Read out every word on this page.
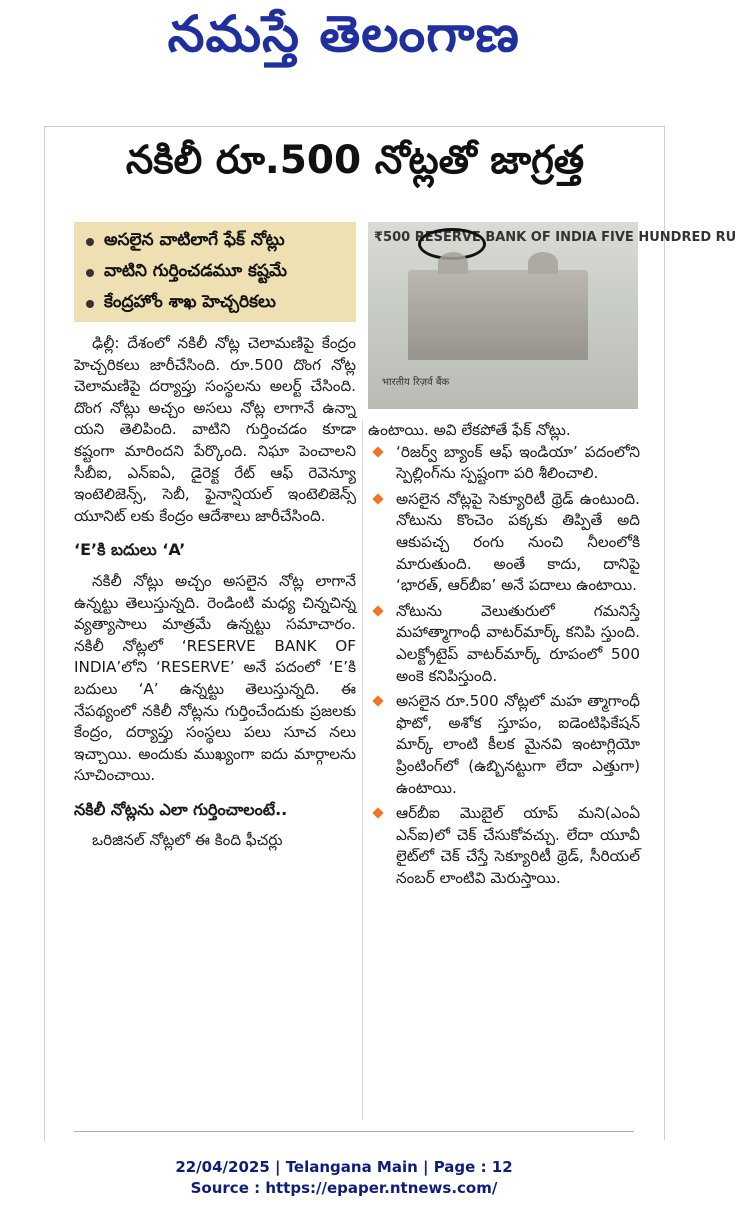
నమస్తే తెలంగాణ
నకిలీ రూ.500 నోట్లతో జాగ్రత్త
అసలైన వాటిలాగే ఫేక్ నోట్లు
వాటిని గుర్తించడమూ కష్టమే
కేంద్రహోం శాఖ హెచ్చరికలు
₹500 RESERVE BANK OF INDIA FIVE HUNDRED RU
भारतीय रिज़र्व बैंक

ఢిల్లీ: దేశంలో నకిలీ నోట్ల చెలామణిపై కేంద్రం హెచ్చరికలు జారీచేసింది. రూ.500 దొంగ నోట్ల చెలామణిపై దర్యాప్తు సంస్థలను అలర్ట్ చేసింది. దొంగ నోట్లు అచ్చం అసలు నోట్ల లాగానే ఉన్నా యని తెలిపింది. వాటిని గుర్తించడం కూడా కష్టంగా మారిందని పేర్కొంది. నిఘా పెంచాలని సీబీఐ, ఎన్ఐఏ, డైరెక్ట రేట్ ఆఫ్ రెవెన్యూ ఇంటెలిజెన్స్, సెబీ, ఫైనాన్షియల్ ఇంటెలిజెన్స్ యూనిట్ లకు కేంద్రం ఆదేశాలు జారీచేసింది.

‘E’కి బదులు ‘A’

నకిలీ నోట్లు అచ్చం అసలైన నోట్ల లాగానే ఉన్నట్టు తెలుస్తున్నది. రెండింటి మధ్య చిన్నచిన్న వ్యత్యాసాలు మాత్రమే ఉన్నట్టు సమాచారం. నకిలీ నోట్లలో ‘RESERVE BANK OF INDIA’లోని ‘RESERVE’ అనే పదంలో ‘E’కి బదులు ‘A’ ఉన్నట్టు తెలుస్తున్నది. ఈ నేపథ్యంలో నకిలీ నోట్లను గుర్తించేందుకు ప్రజలకు కేంద్రం, దర్యాప్తు సంస్థలు పలు సూచ నలు ఇచ్చాయి. అందుకు ముఖ్యంగా ఐదు మార్గాలను సూచించాయి.

నకిలీ నోట్లను ఎలా గుర్తించాలంటే..

ఒరిజినల్ నోట్లలో ఈ కింది ఫీచర్లు

ఉంటాయి. అవి లేకపోతే ఫేక్ నోట్లు.

‘రిజర్వ్ బ్యాంక్ ఆఫ్ ఇండియా’ పదంలోని స్పెల్లింగ్‌ను స్పష్టంగా పరి శీలించాలి.
అసలైన నోట్లపై సెక్యూరిటీ థ్రెడ్ ఉంటుంది. నోటును కొంచెం పక్కకు తిప్పితే అది ఆకుపచ్చ రంగు నుంచి నీలంలోకి మారుతుంది. అంతే కాదు, దానిపై ‘భారత్, ఆర్‌బీఐ’ అనే పదాలు ఉంటాయి.
నోటును వెలుతురులో గమనిస్తే మహాత్మాగాంధీ వాటర్‌మార్క్ కనిపి స్తుంది. ఎలక్ట్రోటైప్ వాటర్‌మార్క్ రూపంలో 500 అంకె కనిపిస్తుంది.
అసలైన రూ.500 నోట్లలో మహ త్మాగాంధీ ఫొటో, అశోక స్తూపం, ఐడెంటిఫికేషన్ మార్క్ లాంటి కీలక మైనవి ఇంటాగ్లియో ప్రింటింగ్‌లో (ఉబ్బినట్టుగా లేదా ఎత్తుగా) ఉంటాయి.
ఆర్‌బీఐ మొబైల్ యాప్ మని(ఎంఏ ఎన్ఐ)లో చెక్ చేసుకోవచ్చు. లేదా యూవీ లైట్‌లో చెక్ చేస్తే సెక్యూరిటీ థ్రెడ్, సీరియల్ నంబర్ లాంటివి మెరుస్తాయి.
22/04/2025 | Telangana Main | Page : 12
Source : https://epaper.ntnews.com/
